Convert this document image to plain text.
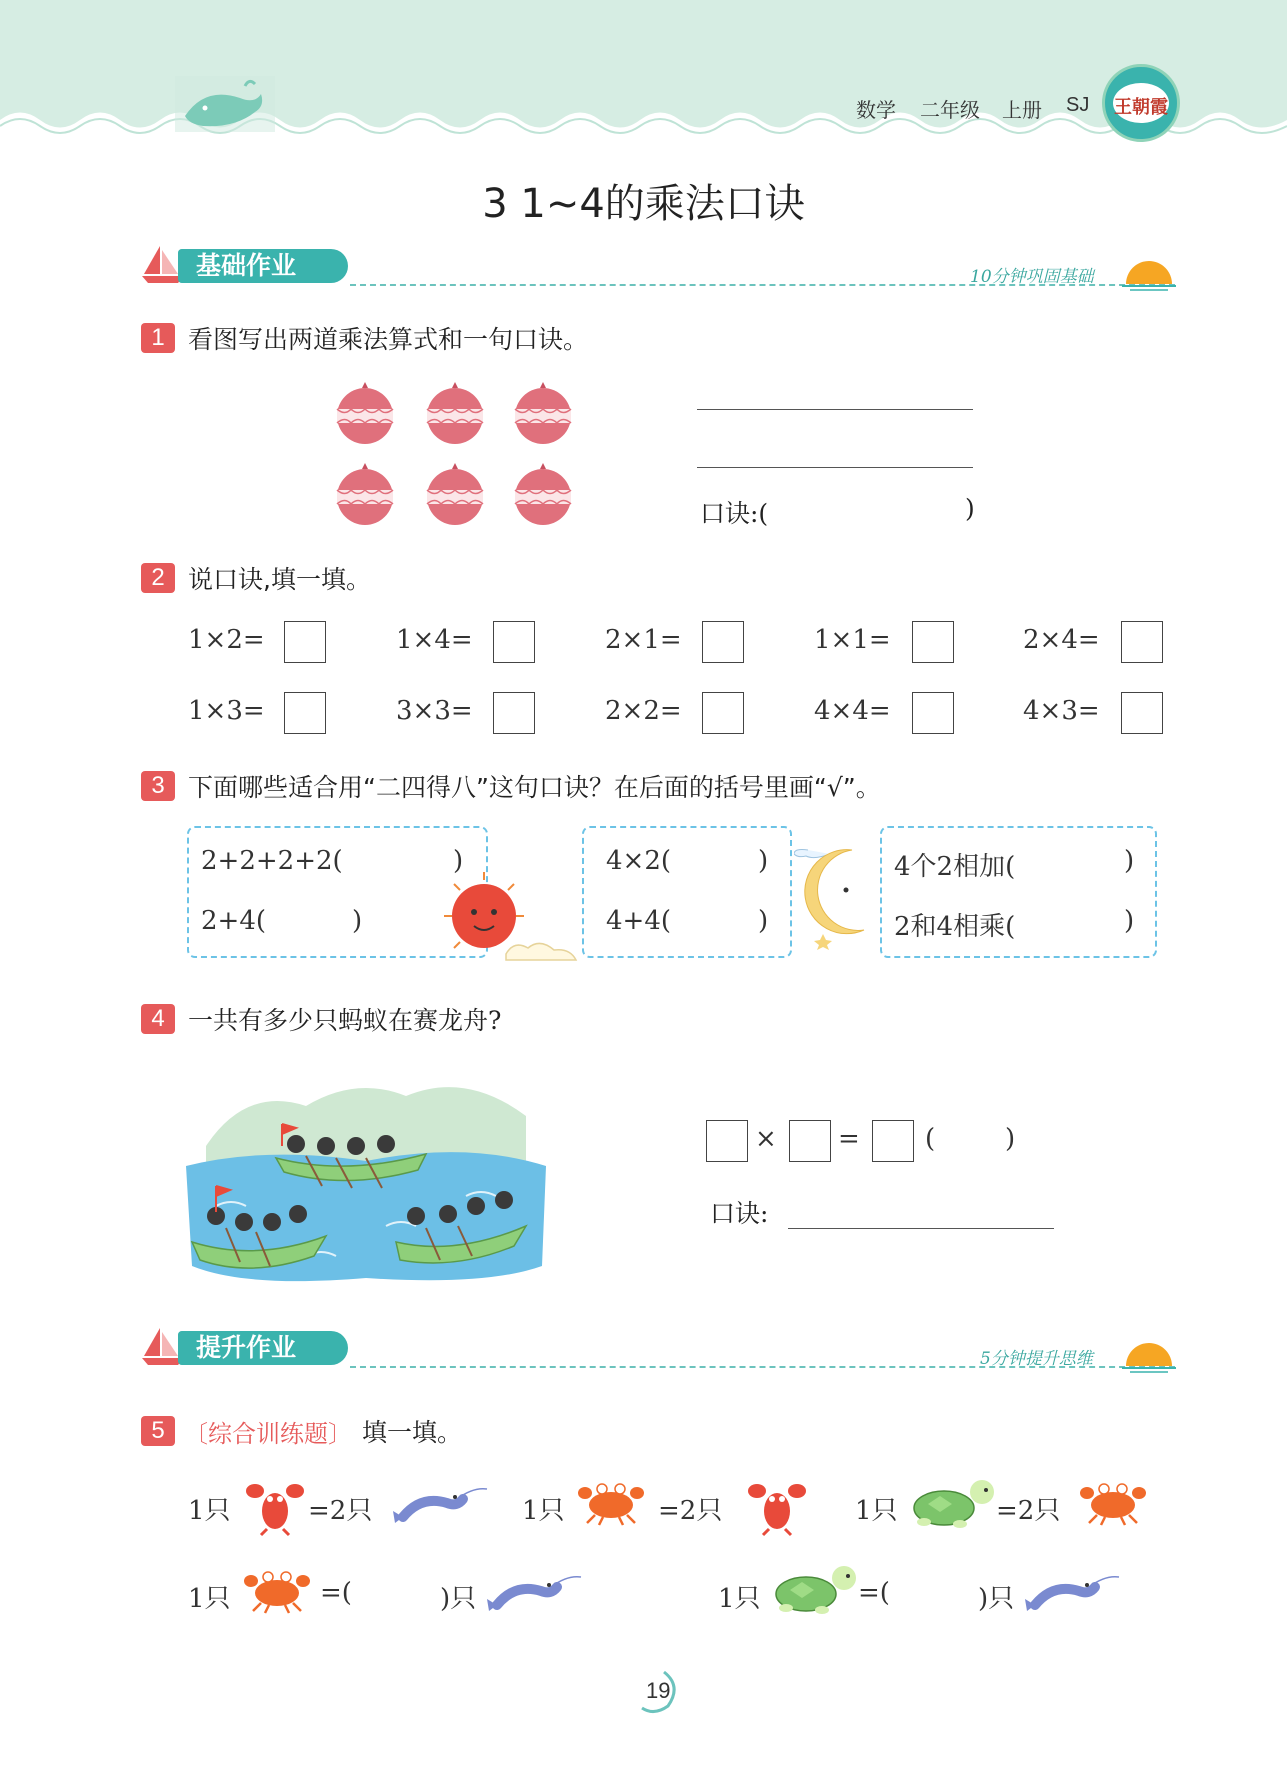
数学 二年级 上册 SJ	王朝霞
3 1~4的乘法口诀
基础作业	10分钟巩固基础
1 看图写出两道乘法算式和一句口诀。
口诀:(	)
2 说口诀,填一填。
1×2=	1×4=	2×1=	1×1=	2×4=
1×3=	3×3=	2×2=	4×4=	4×3=
3 下面哪些适合用“二四得八”这句口诀？在后面的括号里画“√”。
2+2+2+2(	)
2+4(	)
4×2(	)
4+4(	)
4个2相加(	)
2和4相乘(	)
4 一共有多少只蚂蚁在赛龙舟?
× =	(	)
口诀:
提升作业	5分钟提升思维
5 〔综合训练题〕 填一填。
1只	=2只	1只	=2只	1只	=2只
1只	=(	)只	1只	=(	)只
19
